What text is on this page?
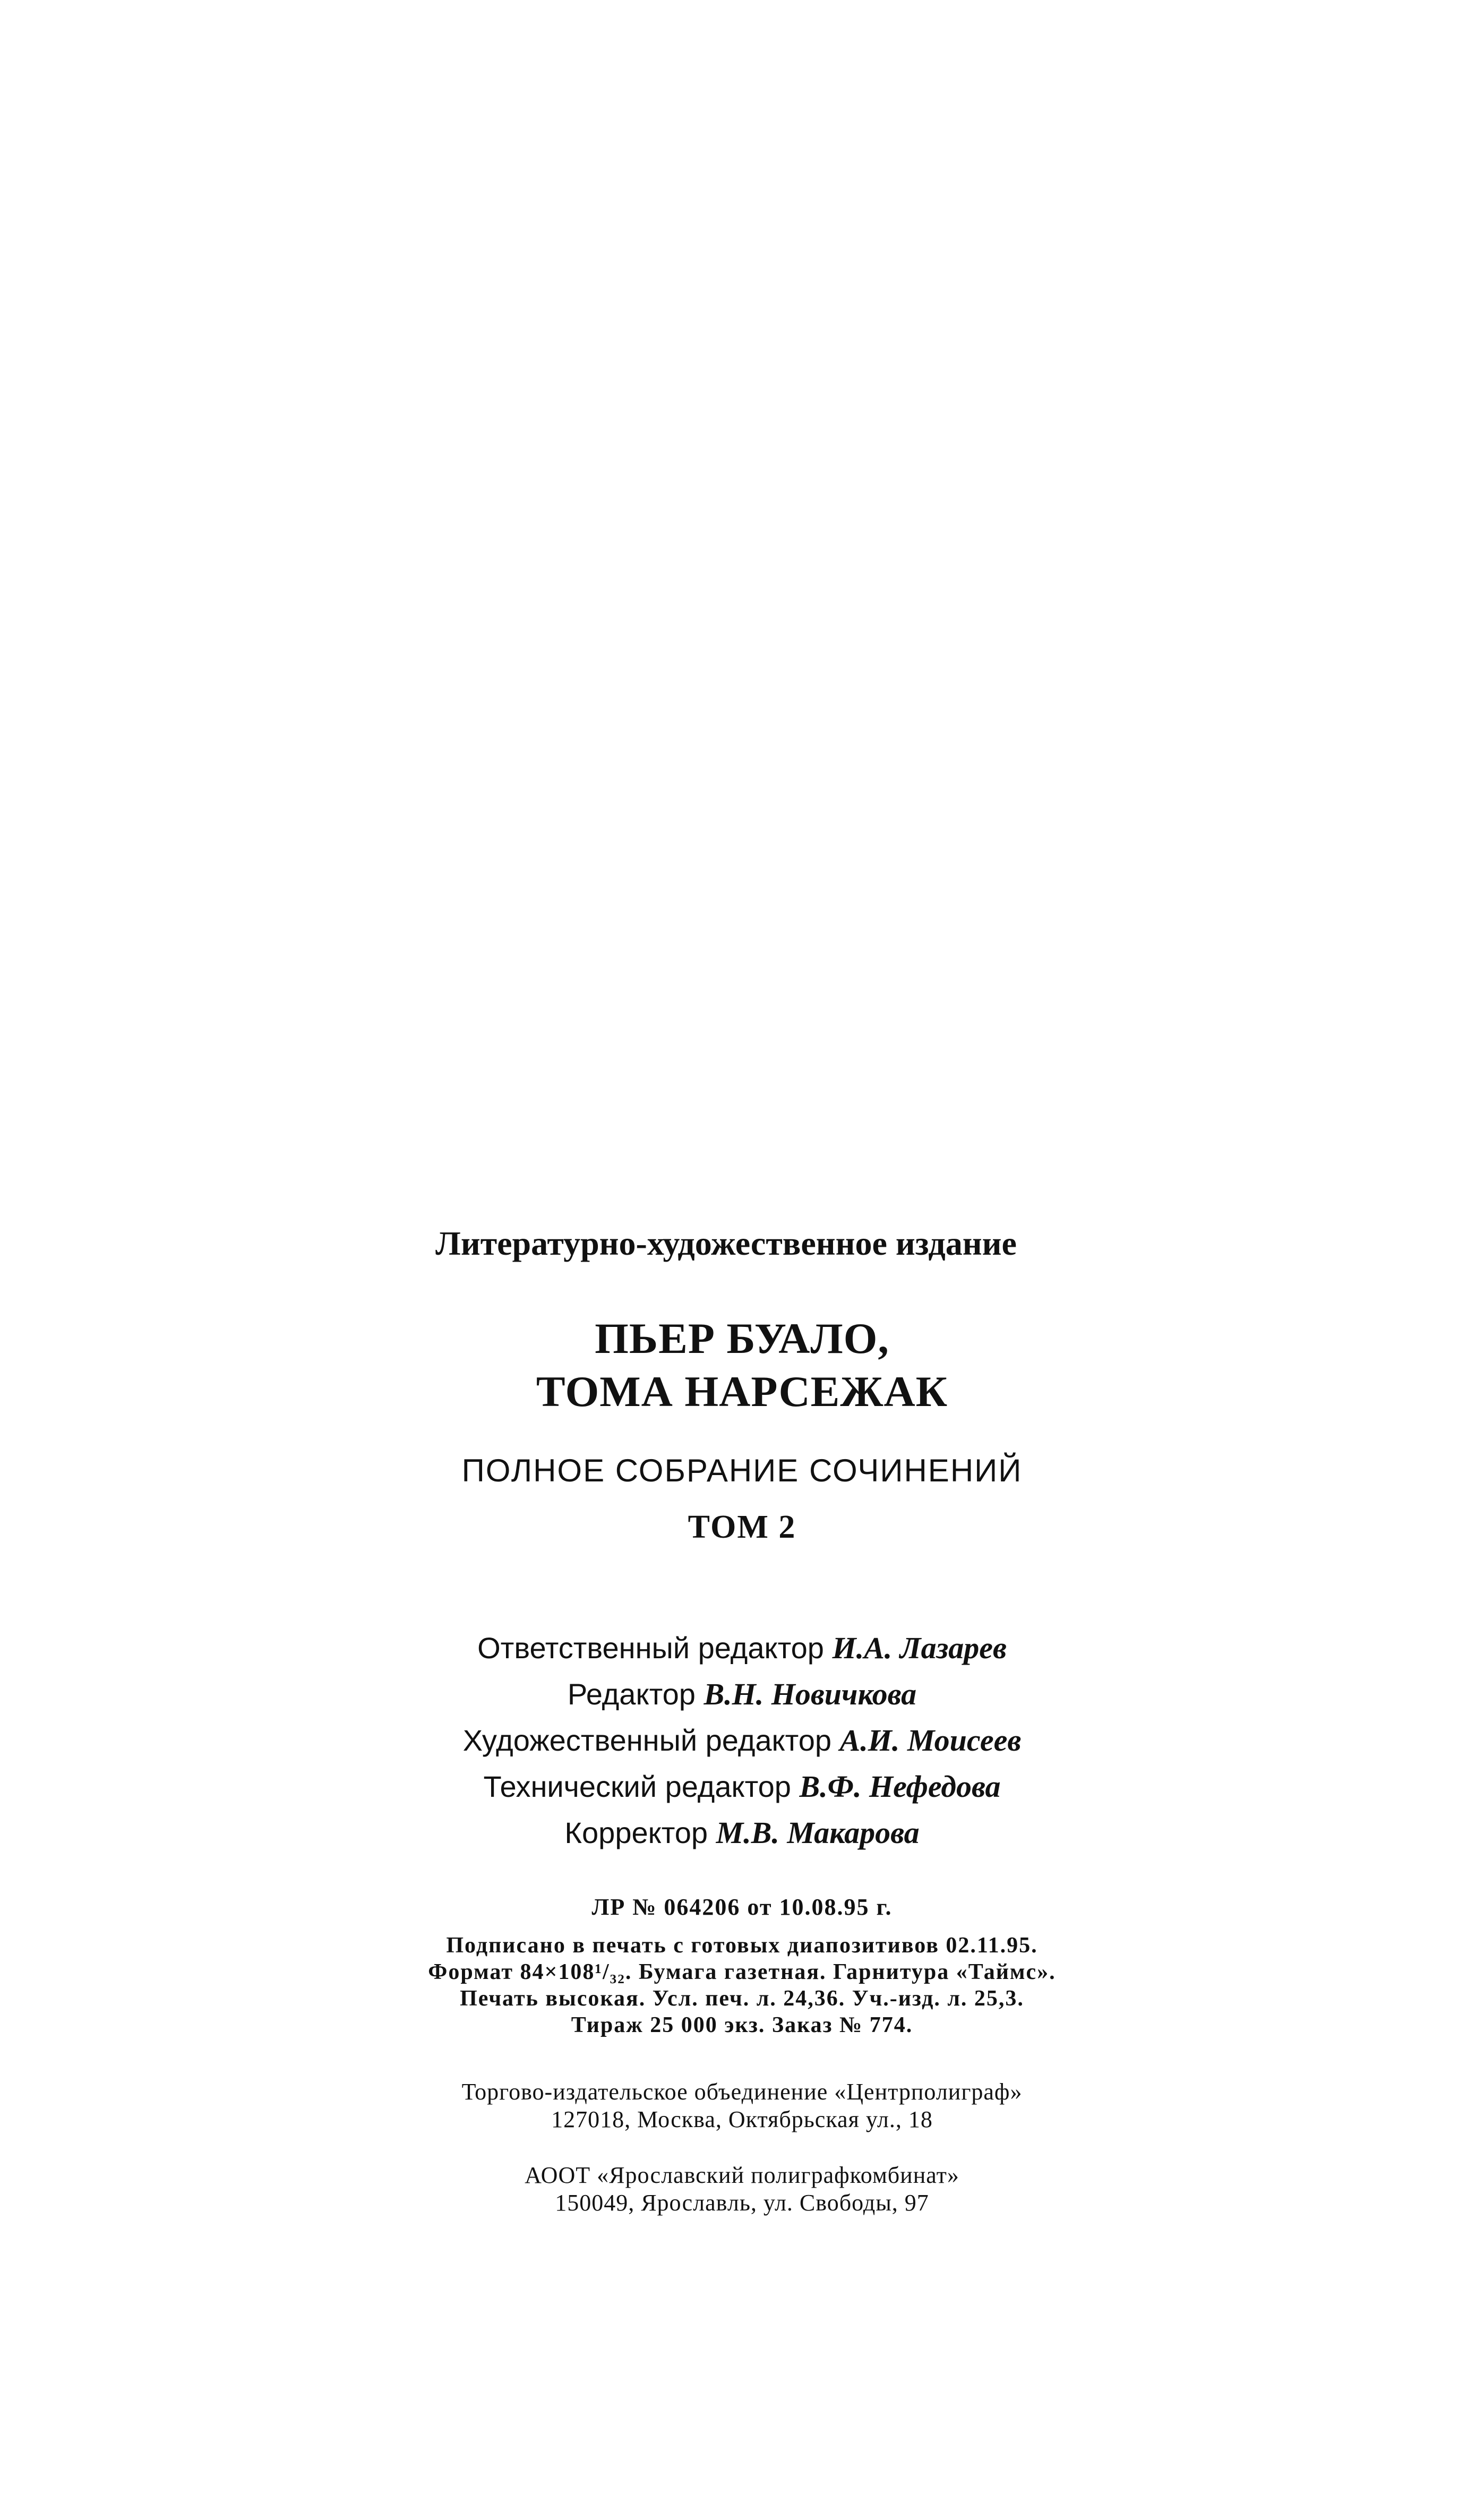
Литературно-художественное издание
ПЬЕР БУАЛО,
ТОМА НАРСЕЖАК
ПОЛНОЕ СОБРАНИЕ СОЧИНЕНИЙ
ТОМ 2
Ответственный редактор И.А. Лазарев
Редактор В.Н. Новичкова
Художественный редактор А.И. Моисеев
Технический редактор В.Ф. Нефедова
Корректор М.В. Макарова
ЛР № 064206 от 10.08.95 г.
Подписано в печать с готовых диапозитивов 02.11.95.
Формат 84×108¹/₃₂. Бумага газетная. Гарнитура «Таймс».
Печать высокая. Усл. печ. л. 24,36. Уч.-изд. л. 25,3.
Тираж 25 000 экз. Заказ № 774.
Торгово-издательское объединение «Центрполиграф»
127018, Москва, Октябрьская ул., 18
АООТ «Ярославский полиграфкомбинат»
150049, Ярославль, ул. Свободы, 97
